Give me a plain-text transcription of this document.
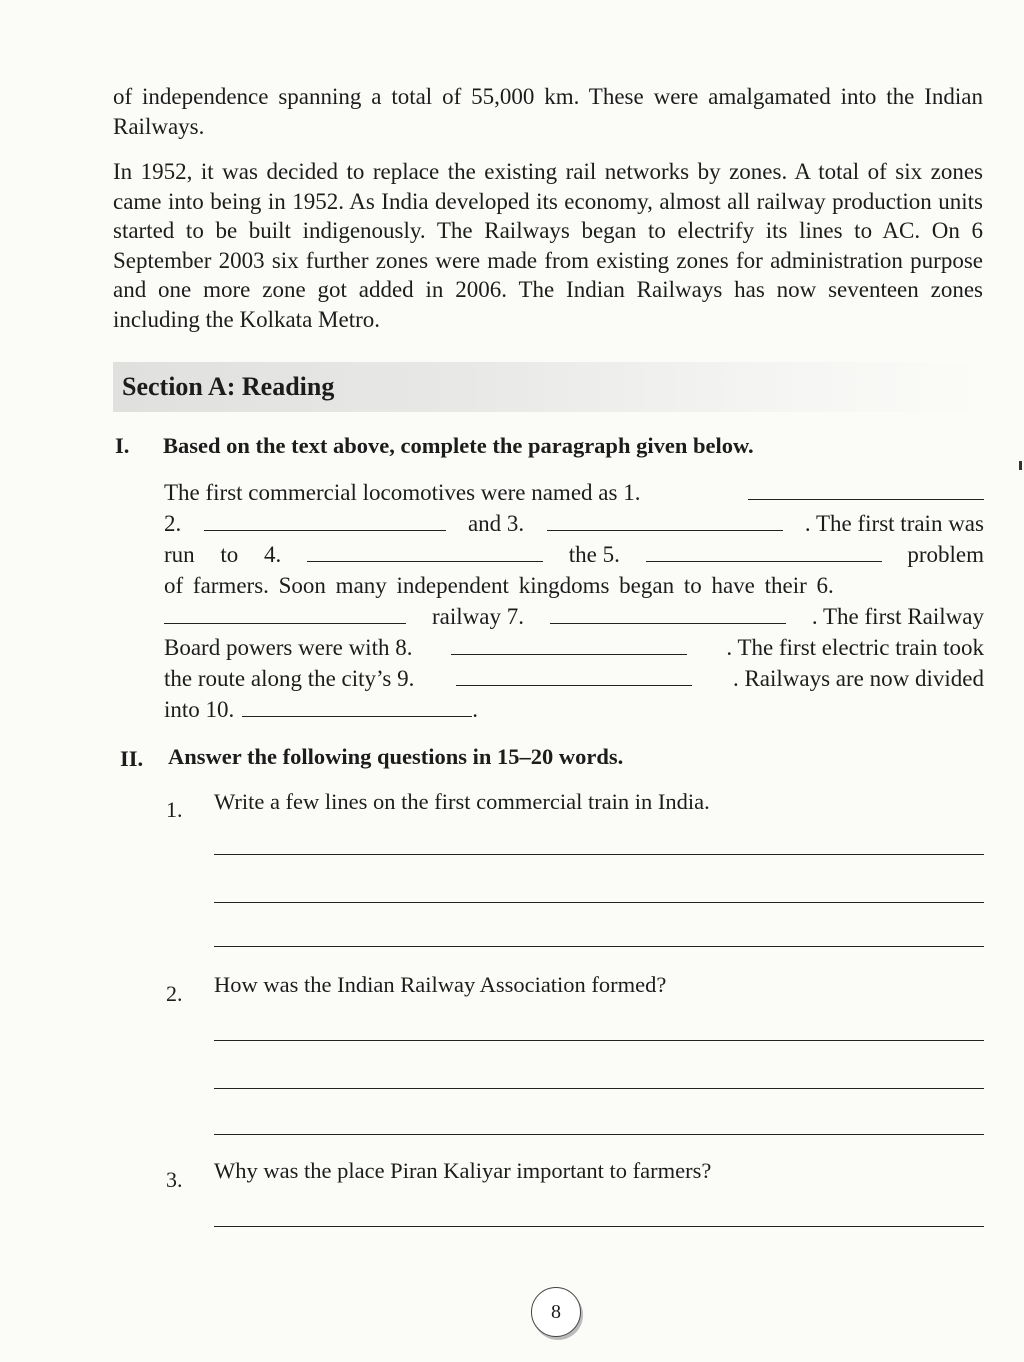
of independence spanning a total of 55,000 km. These were amalgamated into the Indian Railways.

In 1952, it was decided to replace the existing rail networks by zones. A total of six zones came into being in 1952. As India developed its economy, almost all railway production units started to be built indigenously. The Railways began to electrify its lines to AC. On 6 September 2003 six further zones were made from existing zones for administration purpose and one more zone got added in 2006. The Indian Railways has now seventeen zones including the Kolkata Metro.

Section A: Reading
I. Based on the text above, complete the paragraph given below.
The first commercial locomotives were named as 1.
2.	and 3.	. The first train was
run to 4.	the 5.	problem
of farmers. Soon many independent kingdoms began to have their 6.
railway 7.	. The first Railway
Board powers were with 8.	. The first electric train took
the route along the city’s 9.	. Railways are now divided
into 10.	.
II. Answer the following questions in 15–20 words.
1. Write a few lines on the first commercial train in India.
2. How was the Indian Railway Association formed?
3. Why was the place Piran Kaliyar important to farmers?
8
